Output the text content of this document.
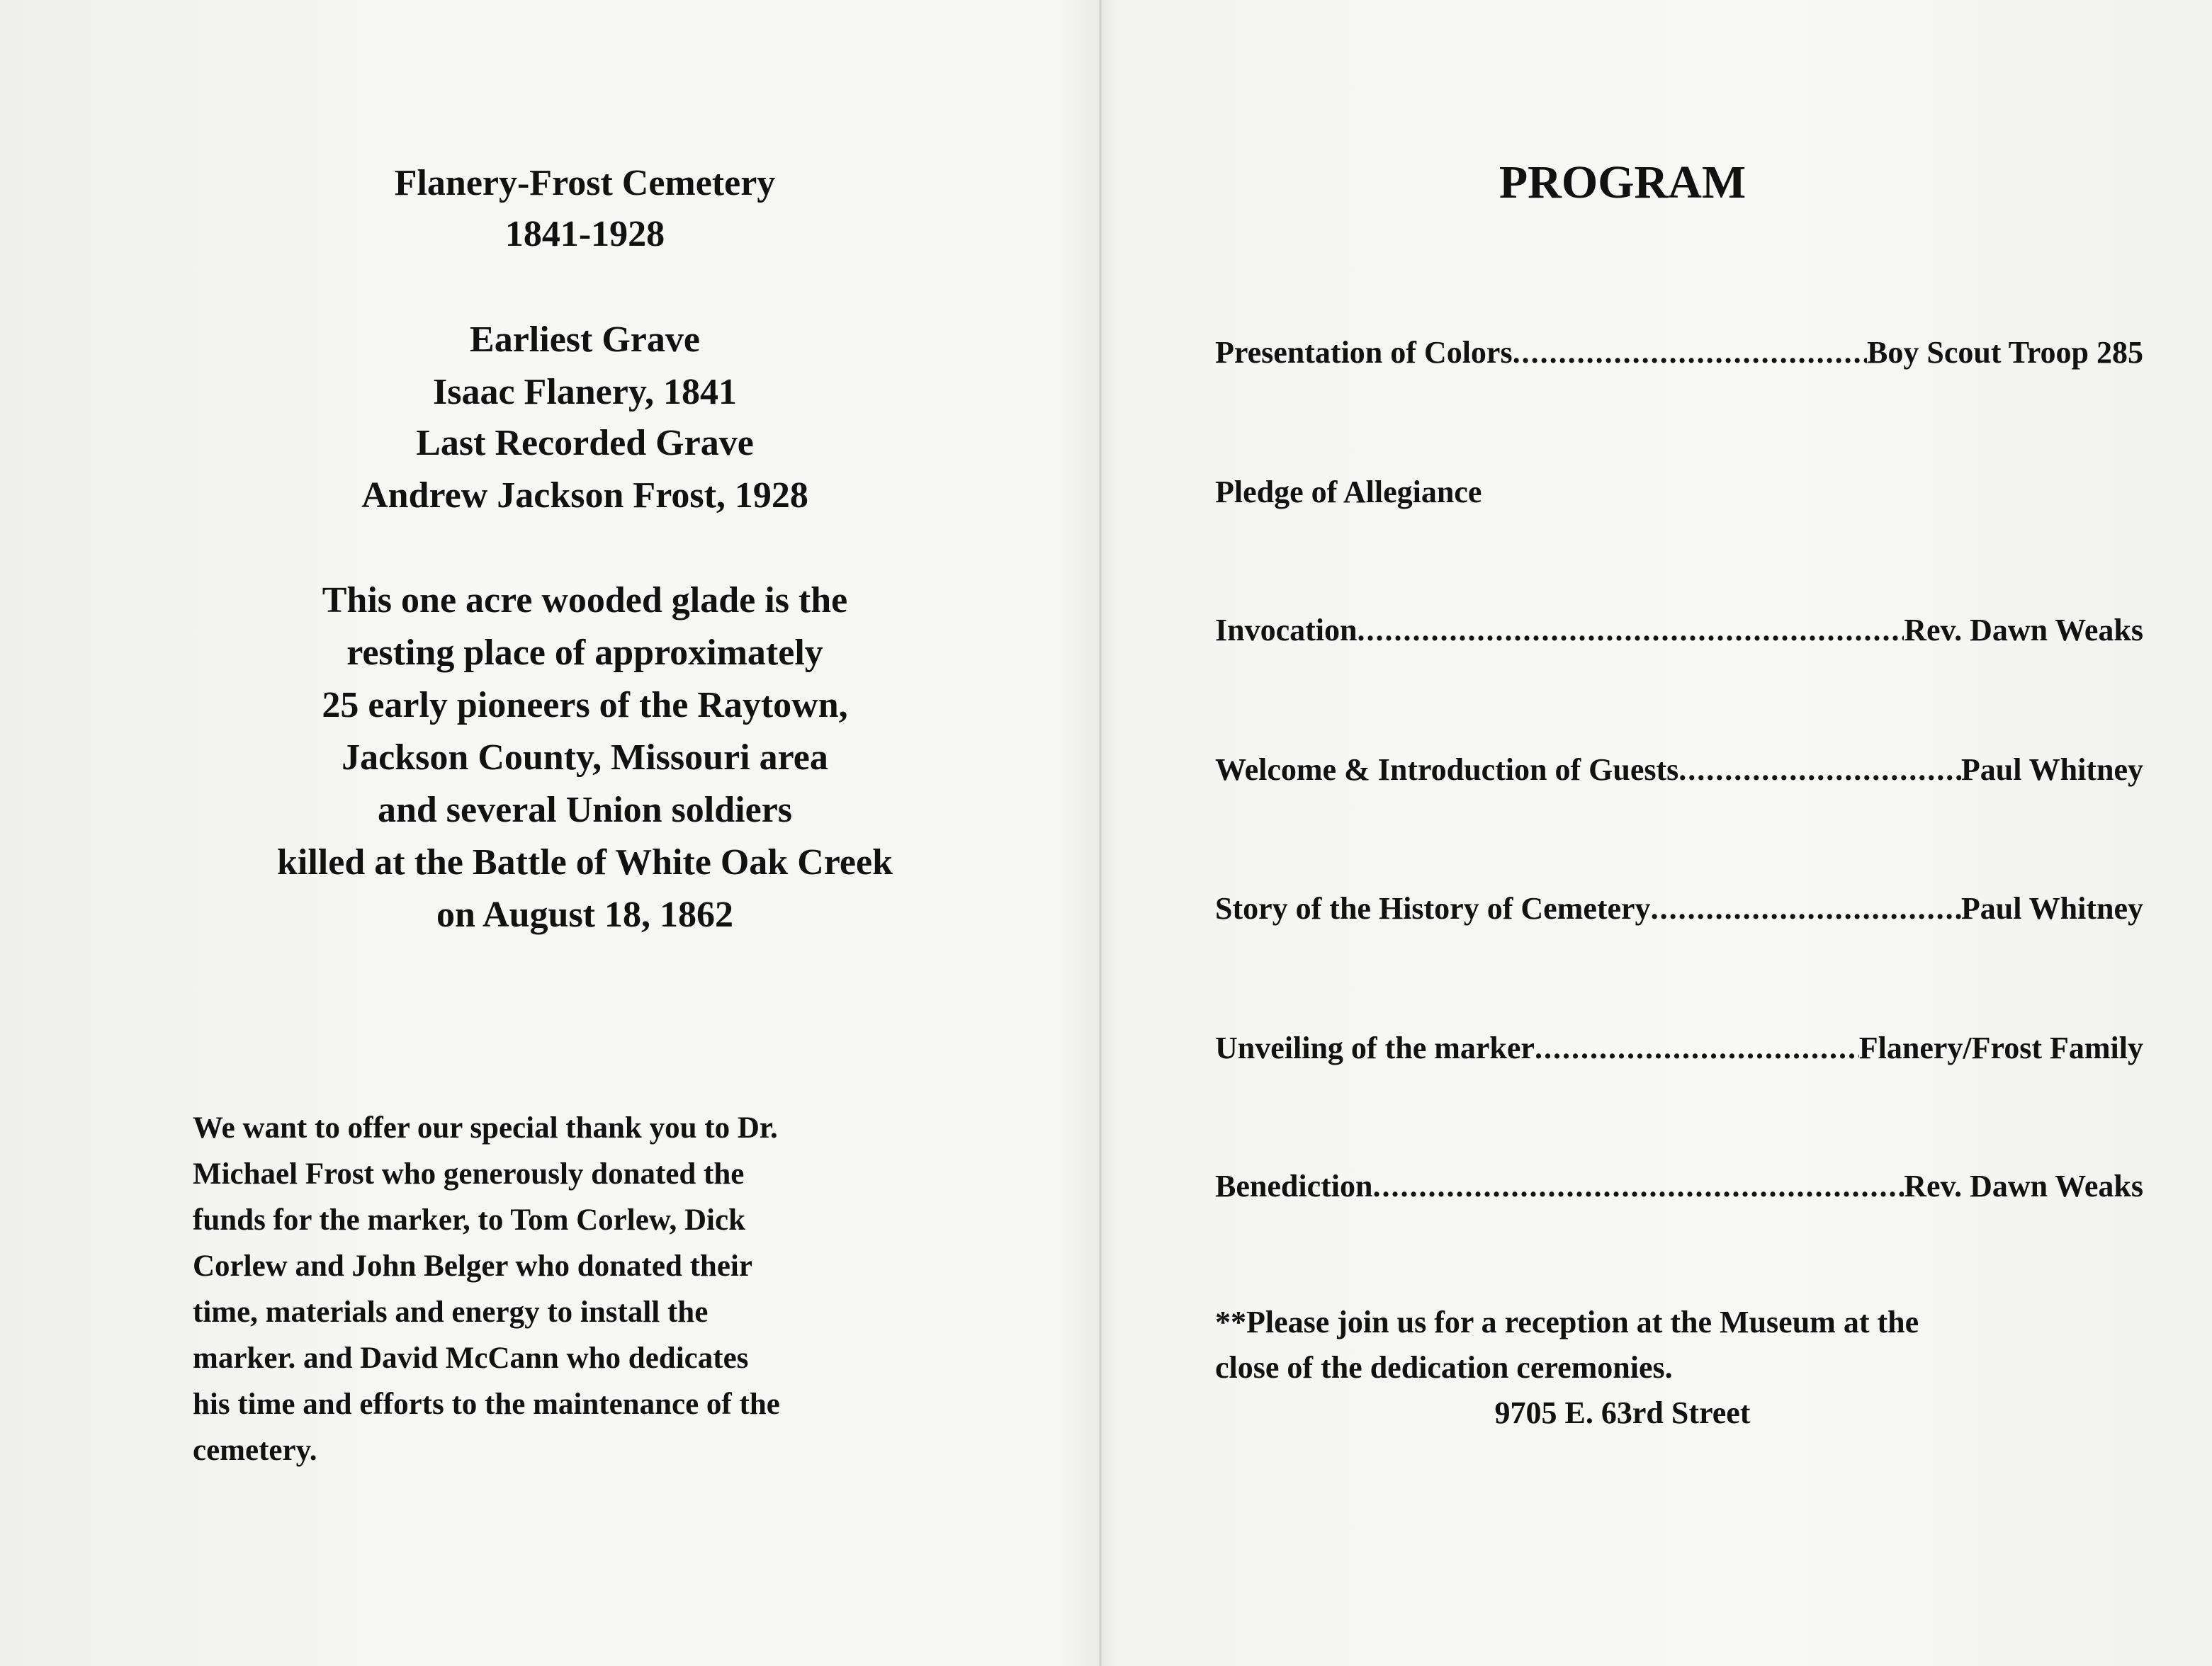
Flanery-Frost Cemetery
1841-1928
Earliest Grave
Isaac Flanery, 1841
Last Recorded Grave
Andrew Jackson Frost, 1928
This one acre wooded glade is the
resting place of approximately
25 early pioneers of the Raytown,
Jackson County, Missouri area
and several Union soldiers
killed at the Battle of White Oak Creek
on August 18, 1862
We want to offer our special thank you to Dr.
Michael Frost who generously donated the
funds for the marker, to Tom Corlew, Dick
Corlew and John Belger who donated their
time, materials and energy to install the
marker. and David McCann who dedicates
his time and efforts to the maintenance of the
cemetery.
PROGRAM
Presentation of Colors .....	Boy Scout Troop 285
Pledge of Allegiance
Invocation .....	Rev. Dawn Weaks
Welcome & Introduction of Guests .....	Paul Whitney
Story of the History of Cemetery .....	Paul Whitney
Unveiling of the marker .....	Flanery/Frost Family
Benediction .....	Rev. Dawn Weaks
**Please join us for a reception at the Museum at the
close of the dedication ceremonies.
9705 E. 63rd Street
